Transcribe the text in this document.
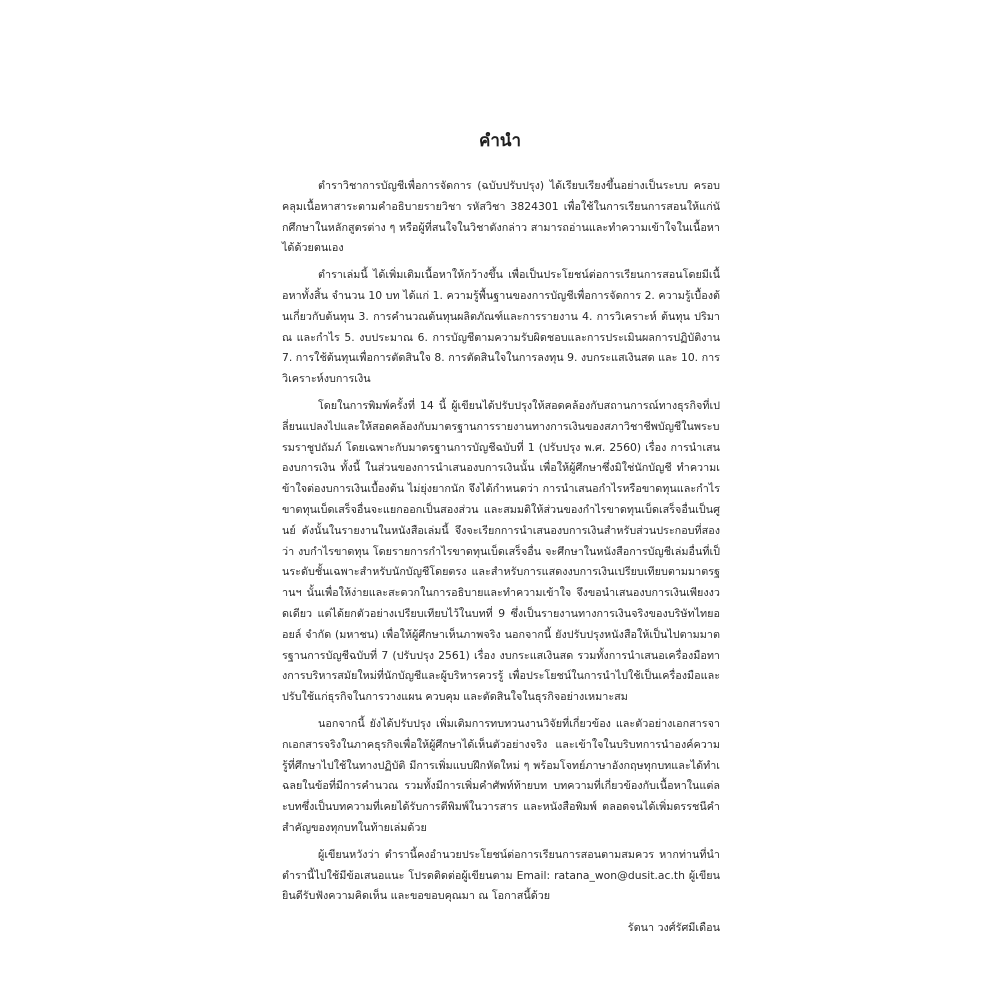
คำนำ

ตำราวิชาการบัญชีเพื่อการจัดการ (ฉบับปรับปรุง) ได้เรียบเรียงขึ้นอย่างเป็นระบบ ครอบคลุมเนื้อหาสาระตามคำอธิบายรายวิชา รหัสวิชา 3824301 เพื่อใช้ในการเรียนการสอนให้แก่นักศึกษาในหลักสูตรต่าง ๆ หรือผู้ที่สนใจในวิชาดังกล่าว สามารถอ่านและทำความเข้าใจในเนื้อหาได้ด้วยตนเอง

ตำราเล่มนี้ ได้เพิ่มเติมเนื้อหาให้กว้างขึ้น เพื่อเป็นประโยชน์ต่อการเรียนการสอนโดยมีเนื้อหาทั้งสิ้น จำนวน 10 บท ได้แก่ 1. ความรู้พื้นฐานของการบัญชีเพื่อการจัดการ 2. ความรู้เบื้องต้นเกี่ยวกับต้นทุน 3. การคำนวณต้นทุนผลิตภัณฑ์และการรายงาน 4. การวิเคราะห์ ต้นทุน ปริมาณ และกำไร 5. งบประมาณ 6. การบัญชีตามความรับผิดชอบและการประเมินผลการปฏิบัติงาน 7. การใช้ต้นทุนเพื่อการตัดสินใจ 8. การตัดสินใจในการลงทุน 9. งบกระแสเงินสด และ 10. การวิเคราะห์งบการเงิน

โดยในการพิมพ์ครั้งที่ 14 นี้ ผู้เขียนได้ปรับปรุงให้สอดคล้องกับสถานการณ์ทางธุรกิจที่เปลี่ยนแปลงไปและให้สอดคล้องกับมาตรฐานการรายงานทางการเงินของสภาวิชาชีพบัญชีในพระบรมราชูปถัมภ์ โดยเฉพาะกับมาตรฐานการบัญชีฉบับที่ 1 (ปรับปรุง พ.ศ. 2560) เรื่อง การนำเสนองบการเงิน ทั้งนี้ ในส่วนของการนำเสนองบการเงินนั้น เพื่อให้ผู้ศึกษาซึ่งมิใช่นักบัญชี ทำความเข้าใจต่องบการเงินเบื้องต้น ไม่ยุ่งยากนัก จึงได้กำหนดว่า การนำเสนอกำไรหรือขาดทุนและกำไรขาดทุนเบ็ดเสร็จอื่นจะแยกออกเป็นสองส่วน และสมมติให้ส่วนของกำไรขาดทุนเบ็ดเสร็จอื่นเป็นศูนย์ ดังนั้นในรายงานในหนังสือเล่มนี้ จึงจะเรียกการนำเสนองบการเงินสำหรับส่วนประกอบที่สองว่า งบกำไรขาดทุน โดยรายการกำไรขาดทุนเบ็ดเสร็จอื่น จะศึกษาในหนังสือการบัญชีเล่มอื่นที่เป็นระดับชั้นเฉพาะสำหรับนักบัญชีโดยตรง และสำหรับการแสดงงบการเงินเปรียบเทียบตามมาตรฐานฯ นั้นเพื่อให้ง่ายและสะดวกในการอธิบายและทำความเข้าใจ จึงขอนำเสนองบการเงินเพียงงวดเดียว แต่ได้ยกตัวอย่างเปรียบเทียบไว้ในบทที่ 9 ซึ่งเป็นรายงานทางการเงินจริงของบริษัทไทยออยล์ จำกัด (มหาชน) เพื่อให้ผู้ศึกษาเห็นภาพจริง นอกจากนี้ ยังปรับปรุงหนังสือให้เป็นไปตามมาตรฐานการบัญชีฉบับที่ 7 (ปรับปรุง 2561) เรื่อง งบกระแสเงินสด รวมทั้งการนำเสนอเครื่องมือทางการบริหารสมัยใหม่ที่นักบัญชีและผู้บริหารควรรู้ เพื่อประโยชน์ในการนำไปใช้เป็นเครื่องมือและปรับใช้แก่ธุรกิจในการวางแผน ควบคุม และตัดสินใจในธุรกิจอย่างเหมาะสม

นอกจากนี้ ยังได้ปรับปรุง เพิ่มเติมการทบทวนงานวิจัยที่เกี่ยวข้อง และตัวอย่างเอกสารจากเอกสารจริงในภาคธุรกิจเพื่อให้ผู้ศึกษาได้เห็นตัวอย่างจริง และเข้าใจในบริบทการนำองค์ความรู้ที่ศึกษาไปใช้ในทางปฏิบัติ มีการเพิ่มแบบฝึกหัดใหม่ ๆ พร้อมโจทย์ภาษาอังกฤษทุกบทและได้ทำเฉลยในข้อที่มีการคำนวณ รวมทั้งมีการเพิ่มคำศัพท์ท้ายบท บทความที่เกี่ยวข้องกับเนื้อหาในแต่ละบทซึ่งเป็นบทความที่เคยได้รับการตีพิมพ์ในวารสาร และหนังสือพิมพ์ ตลอดจนได้เพิ่มดรรชนีคำสำคัญของทุกบทในท้ายเล่มด้วย

ผู้เขียนหวังว่า ตำรานี้คงอำนวยประโยชน์ต่อการเรียนการสอนตามสมควร หากท่านที่นำตำรานี้ไปใช้มีข้อเสนอแนะ โปรดติดต่อผู้เขียนตาม Email: ratana_won@dusit.ac.th ผู้เขียนยินดีรับฟังความคิดเห็น และขอขอบคุณมา ณ โอกาสนี้ด้วย

รัตนา วงศ์รัศมีเดือน
